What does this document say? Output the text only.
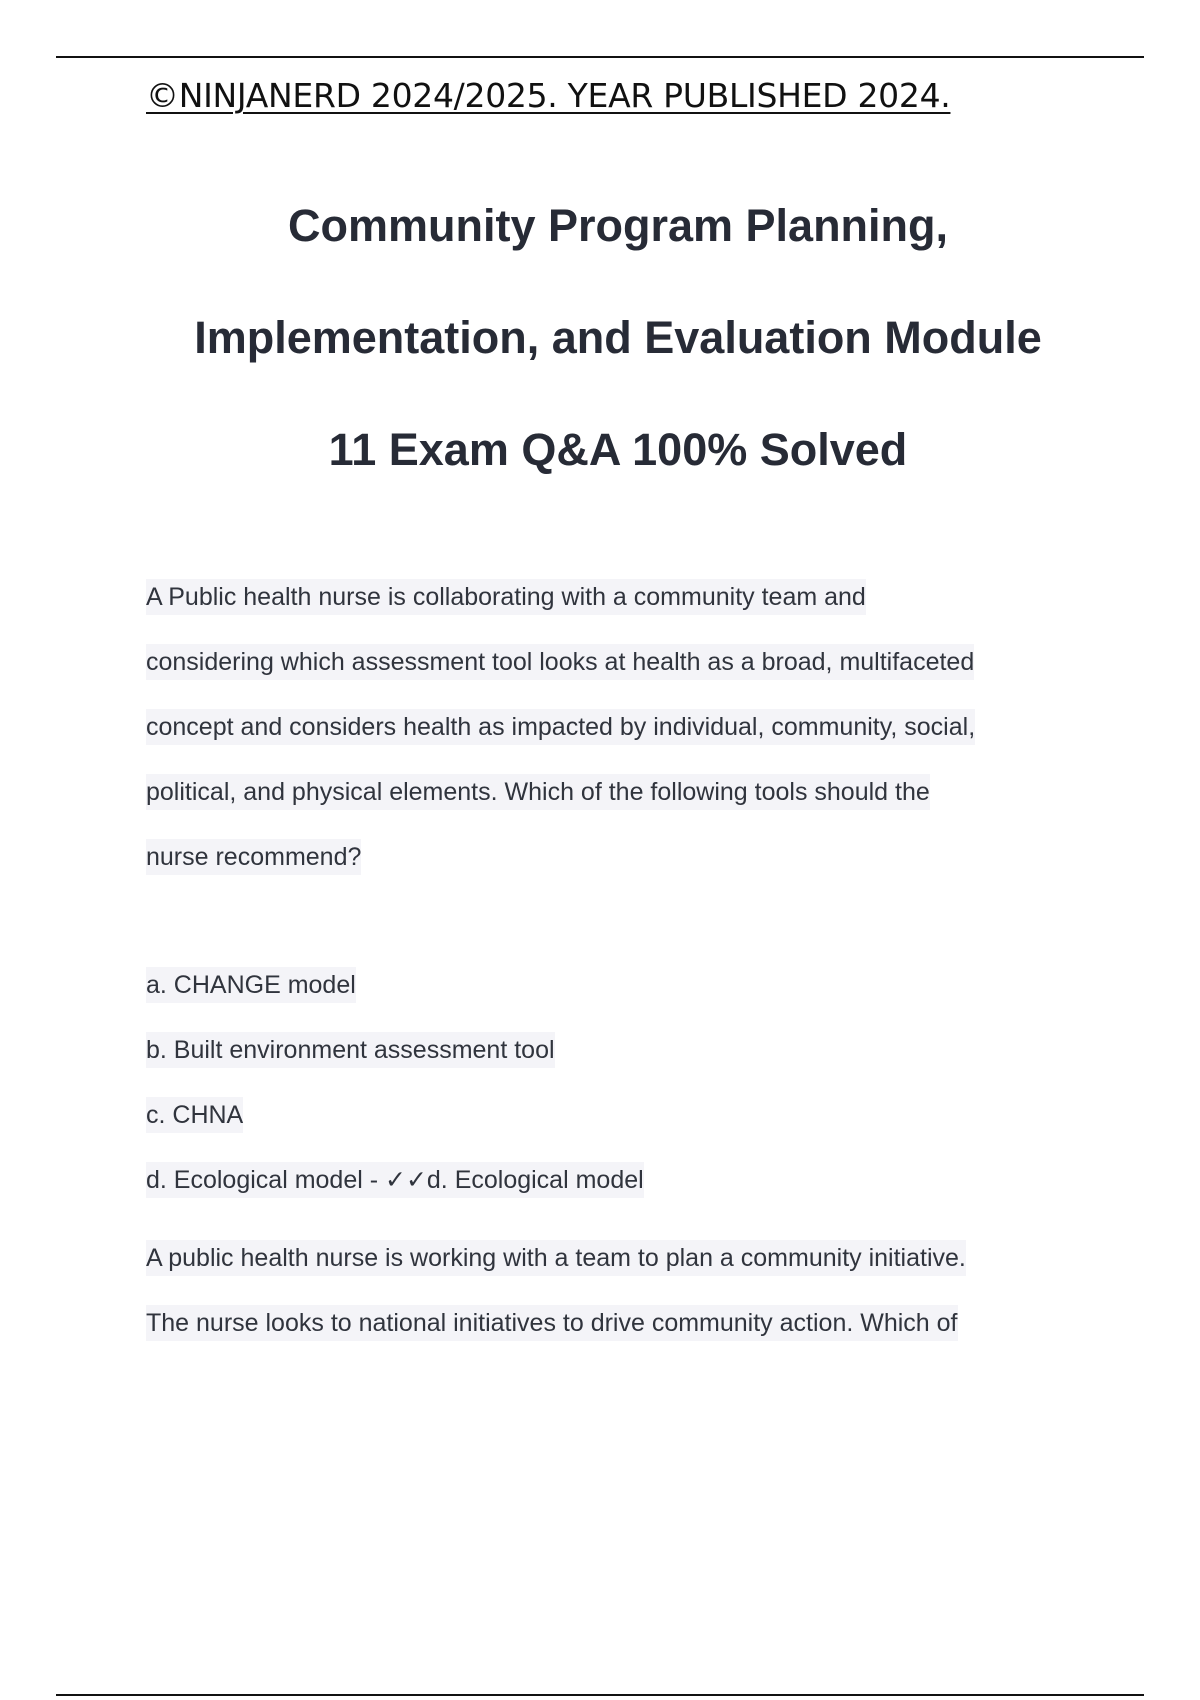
©NINJANERD 2024/2025. YEAR PUBLISHED 2024.
Community Program Planning,
Implementation, and Evaluation Module
11 Exam Q&A 100% Solved
A Public health nurse is collaborating with a community team and
considering which assessment tool looks at health as a broad, multifaceted
concept and considers health as impacted by individual, community, social,
political, and physical elements. Which of the following tools should the
nurse recommend?
a. CHANGE model
b. Built environment assessment tool
c. CHNA
d. Ecological model - ✓✓d. Ecological model
A public health nurse is working with a team to plan a community initiative.
The nurse looks to national initiatives to drive community action. Which of
